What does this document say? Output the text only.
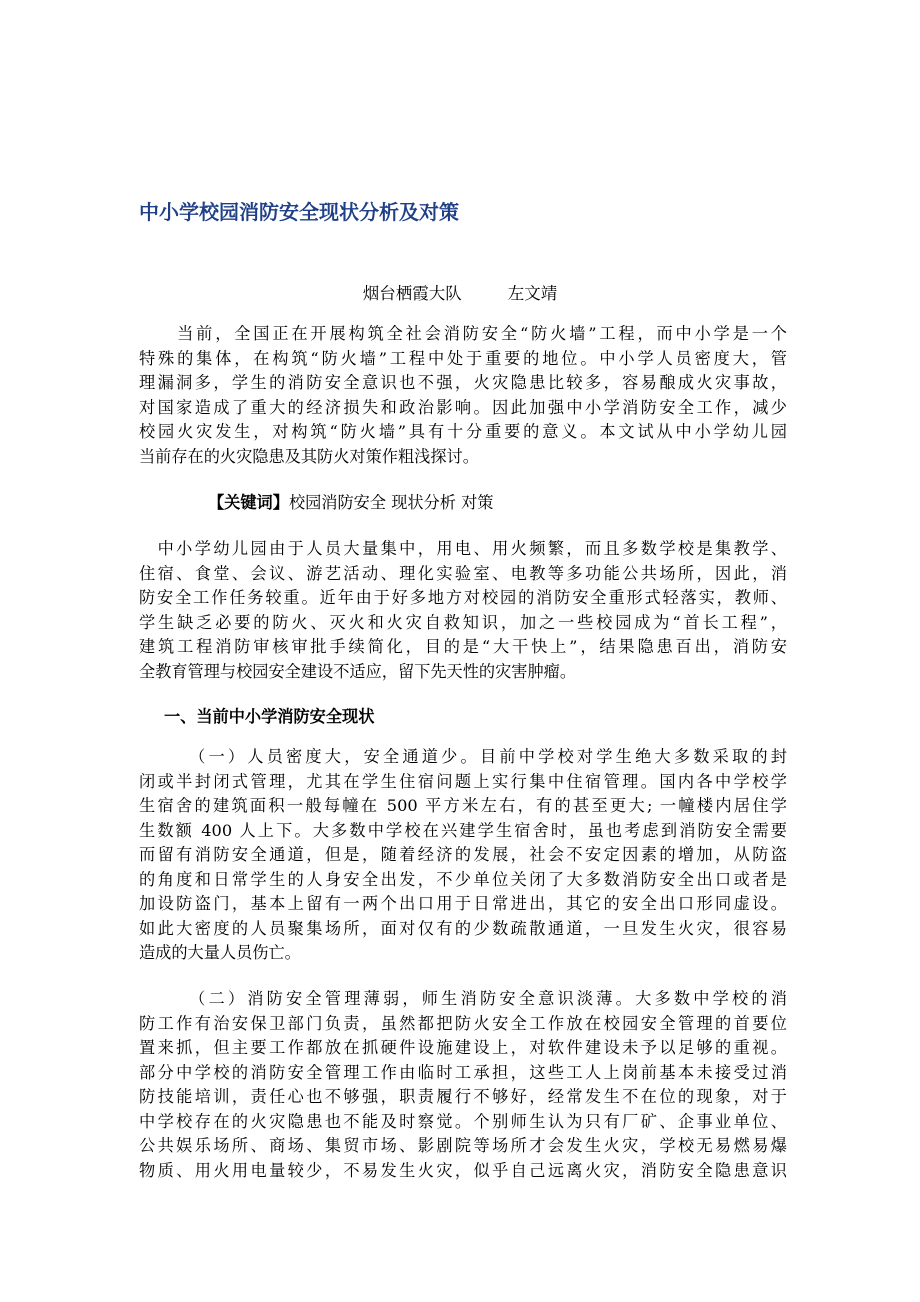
中小学校园消防安全现状分析及对策
烟台栖霞大队	左文靖
　　当前，全国正在开展构筑全社会消防安全“防火墙”工程，而中小学是一个
特殊的集体，在构筑“防火墙”工程中处于重要的地位。中小学人员密度大，管
理漏洞多，学生的消防安全意识也不强，火灾隐患比较多，容易酿成火灾事故，
对国家造成了重大的经济损失和政治影响。因此加强中小学消防安全工作，减少
校园火灾发生，对构筑“防火墙”具有十分重要的意义。本文试从中小学幼儿园
当前存在的火灾隐患及其防火对策作粗浅探讨。
【关键词】校园消防安全 现状分析 对策
　中小学幼儿园由于人员大量集中，用电、用火频繁，而且多数学校是集教学、
住宿、食堂、会议、游艺活动、理化实验室、电教等多功能公共场所，因此，消
防安全工作任务较重。近年由于好多地方对校园的消防安全重形式轻落实，教师、
学生缺乏必要的防火、灭火和火灾自救知识，加之一些校园成为“首长工程”，
建筑工程消防审核审批手续简化，目的是“大干快上”，结果隐患百出，消防安
全教育管理与校园安全建设不适应，留下先天性的灾害肿瘤。
一、当前中小学消防安全现状
　　　（一）人员密度大，安全通道少。目前中学校对学生绝大多数采取的封
闭或半封闭式管理，尤其在学生住宿问题上实行集中住宿管理。国内各中学校学
生宿舍的建筑面积一般每幢在 500 平方米左右，有的甚至更大; 一幢楼内居住学
生数额 400 人上下。大多数中学校在兴建学生宿舍时，虽也考虑到消防安全需要
而留有消防安全通道，但是，随着经济的发展，社会不安定因素的增加，从防盗
的角度和日常学生的人身安全出发，不少单位关闭了大多数消防安全出口或者是
加设防盗门，基本上留有一两个出口用于日常进出，其它的安全出口形同虚设。
如此大密度的人员聚集场所，面对仅有的少数疏散通道，一旦发生火灾，很容易
造成的大量人员伤亡。
　　　（二）消防安全管理薄弱，师生消防安全意识淡薄。大多数中学校的消
防工作有治安保卫部门负责，虽然都把防火安全工作放在校园安全管理的首要位
置来抓，但主要工作都放在抓硬件设施建设上，对软件建设未予以足够的重视。
部分中学校的消防安全管理工作由临时工承担，这些工人上岗前基本未接受过消
防技能培训，责任心也不够强，职责履行不够好，经常发生不在位的现象，对于
中学校存在的火灾隐患也不能及时察觉。个别师生认为只有厂矿、企事业单位、
公共娱乐场所、商场、集贸市场、影剧院等场所才会发生火灾，学校无易燃易爆
物质、用火用电量较少，不易发生火灾，似乎自己远离火灾，消防安全隐患意识
